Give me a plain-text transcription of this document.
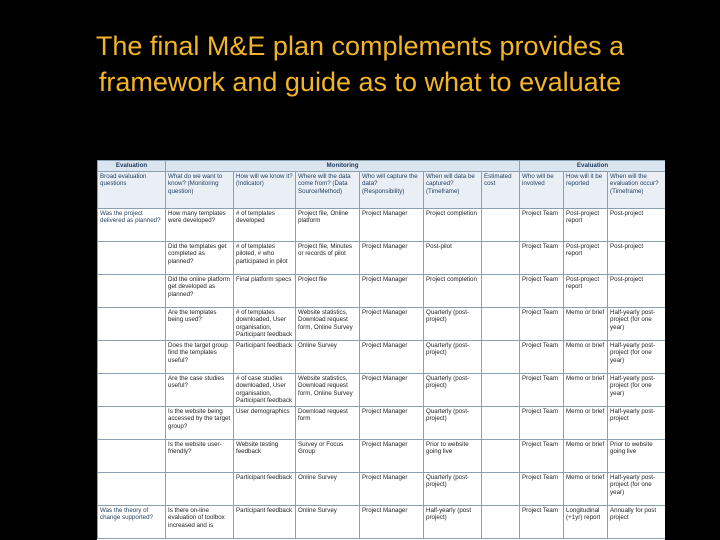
The final M&E plan complements provides a
framework and guide as to what to evaluate
Evaluation	Monitoring						Evaluation		
Broad evaluation questions	What do we want to know? (Monitoring question)	How will we know it? (Indicator)	Where will the data come from? (Data Source/Method)	Who will capture the data? (Responsibility)	When will data be captured? (Timeframe)	Estimated cost	Who will be involved	How will it be reported	When will the evaluation occur? (Timeframe)
Was the project delivered as planned?	How many templates were developed?	# of templates developed	Project file, Online platform	Project Manager	Project completion		Project Team	Post-project report	Post-project
	Did the templates get completed as planned?	# of templates piloted, # who participated in pilot	Project file, Minutes or records of pilot	Project Manager	Post-pilot		Project Team	Post-project report	Post-project
	Did the online platform get developed as planned?	Final platform specs	Project file	Project Manager	Project completion		Project Team	Post-project report	Post-project
	Are the templates being used?	# of templates downloaded, User organisation, Participant feedback	Website statistics, Download request form, Online Survey	Project Manager	Quarterly (post-project)		Project Team	Memo or brief	Half-yearly post-project (for one year)
	Does the target group find the templates useful?	Participant feedback	Online Survey	Project Manager	Quarterly (post-project)		Project Team	Memo or brief	Half-yearly post-project (for one year)
	Are the case studies useful?	# of case studies downloaded, User organisation, Participant feedback	Website statistics, Download request form, Online Survey	Project Manager	Quarterly (post-project)		Project Team	Memo or brief	Half-yearly post-project (for one year)
	Is the website being accessed by the target group?	User demographics	Download request form	Project Manager	Quarterly (post-project)		Project Team	Memo or brief	Half-yearly post-project
	Is the website user-friendly?	Website testing feedback	Survey or Focus Group	Project Manager	Prior to website going live		Project Team	Memo or brief	Prior to website going live
		Participant feedback	Online Survey	Project Manager	Quarterly (post-project)		Project Team	Memo or brief	Half-yearly post-project (for one year)
Was the theory of change supported?	Is there on-line evaluation of toolbox increased and is	Participant feedback	Online Survey	Project Manager	Half-yearly (post project)		Project Team	Longitudinal (+1yr) report	Annually for post project
